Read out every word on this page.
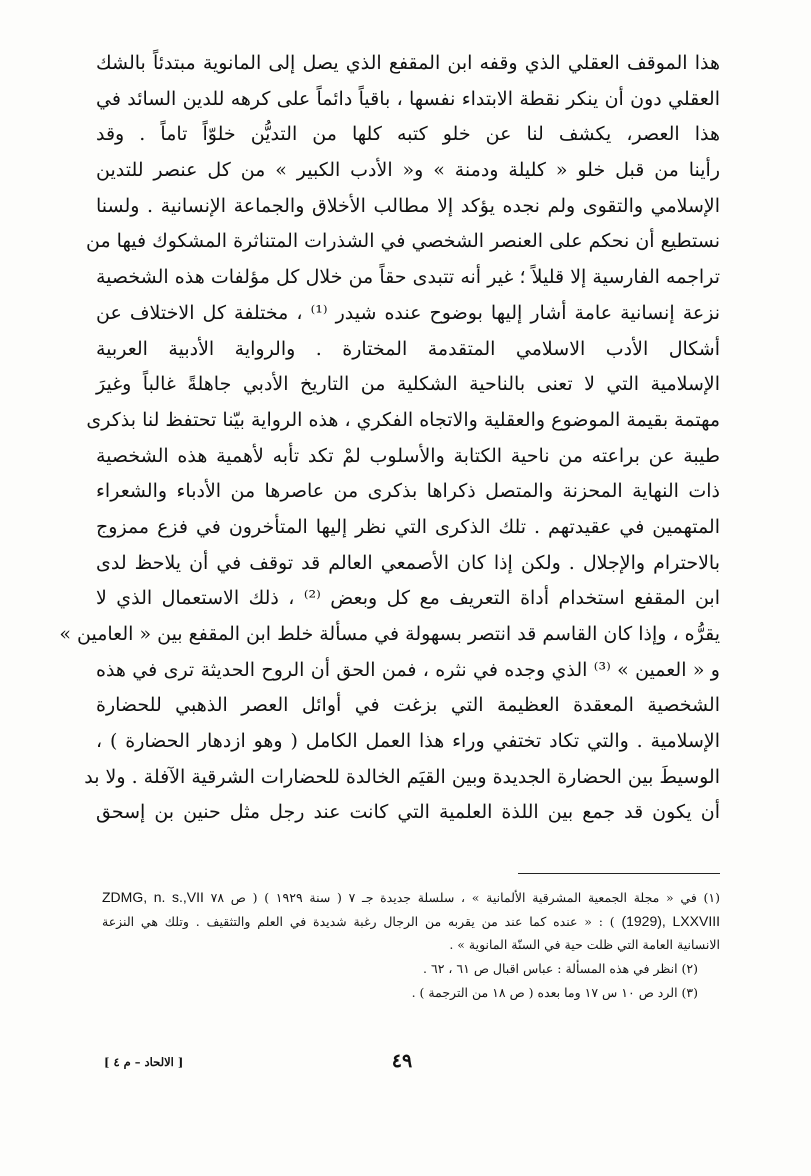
هذا الموقف العقلي الذي وقفه ابن المقفع الذي يصل إلى المانوية مبتدئاً بالشك
العقلي دون أن ينكر نقطة الابتداء نفسها ، باقياً دائماً على كرهه للدين السائد في
هذا العصر، يكشف لنا عن خلو كتبه كلها من التديُّن خلوّاً تاماً . وقد
رأينا من قبل خلو « كليلة ودمنة » و« الأدب الكبير » من كل عنصر للتدين
الإسلامي والتقوى ولم نجده يؤكد إلا مطالب الأخلاق والجماعة الإنسانية . ولسنا
نستطيع أن نحكم على العنصر الشخصي في الشذرات المتناثرة المشكوك فيها من
تراجمه الفارسية إلا قليلاً ؛ غير أنه تتبدى حقاً من خلال كل مؤلفات هذه الشخصية
نزعة إنسانية عامة أشار إليها بوضوح عنده شيدر ⁽¹⁾ ، مختلفة كل الاختلاف عن
أشكال الأدب الاسلامي المتقدمة المختارة . والرواية الأدبية العربية
الإسلامية التي لا تعنى بالناحية الشكلية من التاريخ الأدبي جاهلةً غالباً وغيرَ
مهتمة بقيمة الموضوع والعقلية والاتجاه الفكري ، هذه الرواية بيّنا تحتفظ لنا بذكرى
طيبة عن براعته من ناحية الكتابة والأسلوب لمْ تكد تأبه لأهمية هذه الشخصية
ذات النهاية المحزنة والمتصل ذكراها بذكرى من عاصرها من الأدباء والشعراء
المتهمين في عقيدتهم . تلك الذكرى التي نظر إليها المتأخرون في فزع ممزوج
بالاحترام والإجلال . ولكن إذا كان الأصمعي العالم قد توقف في أن يلاحظ لدى
ابن المقفع استخدام أداة التعريف مع كل وبعض ⁽²⁾ ، ذلك الاستعمال الذي لا
يقرُّه ، وإذا كان القاسم قد انتصر بسهولة في مسألة خلط ابن المقفع بين « العامين »
و « العمين » ⁽³⁾ الذي وجده في نثره ، فمن الحق أن الروح الحديثة ترى في هذه
الشخصية المعقدة العظيمة التي بزغت في أوائل العصر الذهبي للحضارة
الإسلامية . والتي تكاد تختفي وراء هذا العمل الكامل ( وهو ازدهار الحضارة ) ،
الوسيطَ بين الحضارة الجديدة وبين القيَم الخالدة للحضارات الشرقية الآفلة . ولا بد
أن يكون قد جمع بين اللذة العلمية التي كانت عند رجل مثل حنين بن إسحق
(١) في « مجلة الجمعية المشرقية الألمانية » ، سلسلة جديدة جـ ٧ ( سنة ١٩٢٩ ) ( ص ٧٨ ZDMG, n. s.,VII
(1929), LXXVIII ) : « عنده كما عند من يقربه من الرجال رغبة شديدة في العلم والتثقيف . وتلك هي النزعة
الانسانية العامة التي ظلت حية في السنّة المانوية » .
(٢) انظر في هذه المسألة : عباس اقبال ص ٦١ ، ٦٢ .
(٣) الرد ص ١٠ س ١٧ وما بعده ( ص ١٨ من الترجمة ) .
٤٩
[ الالحاد – م ٤ ]
